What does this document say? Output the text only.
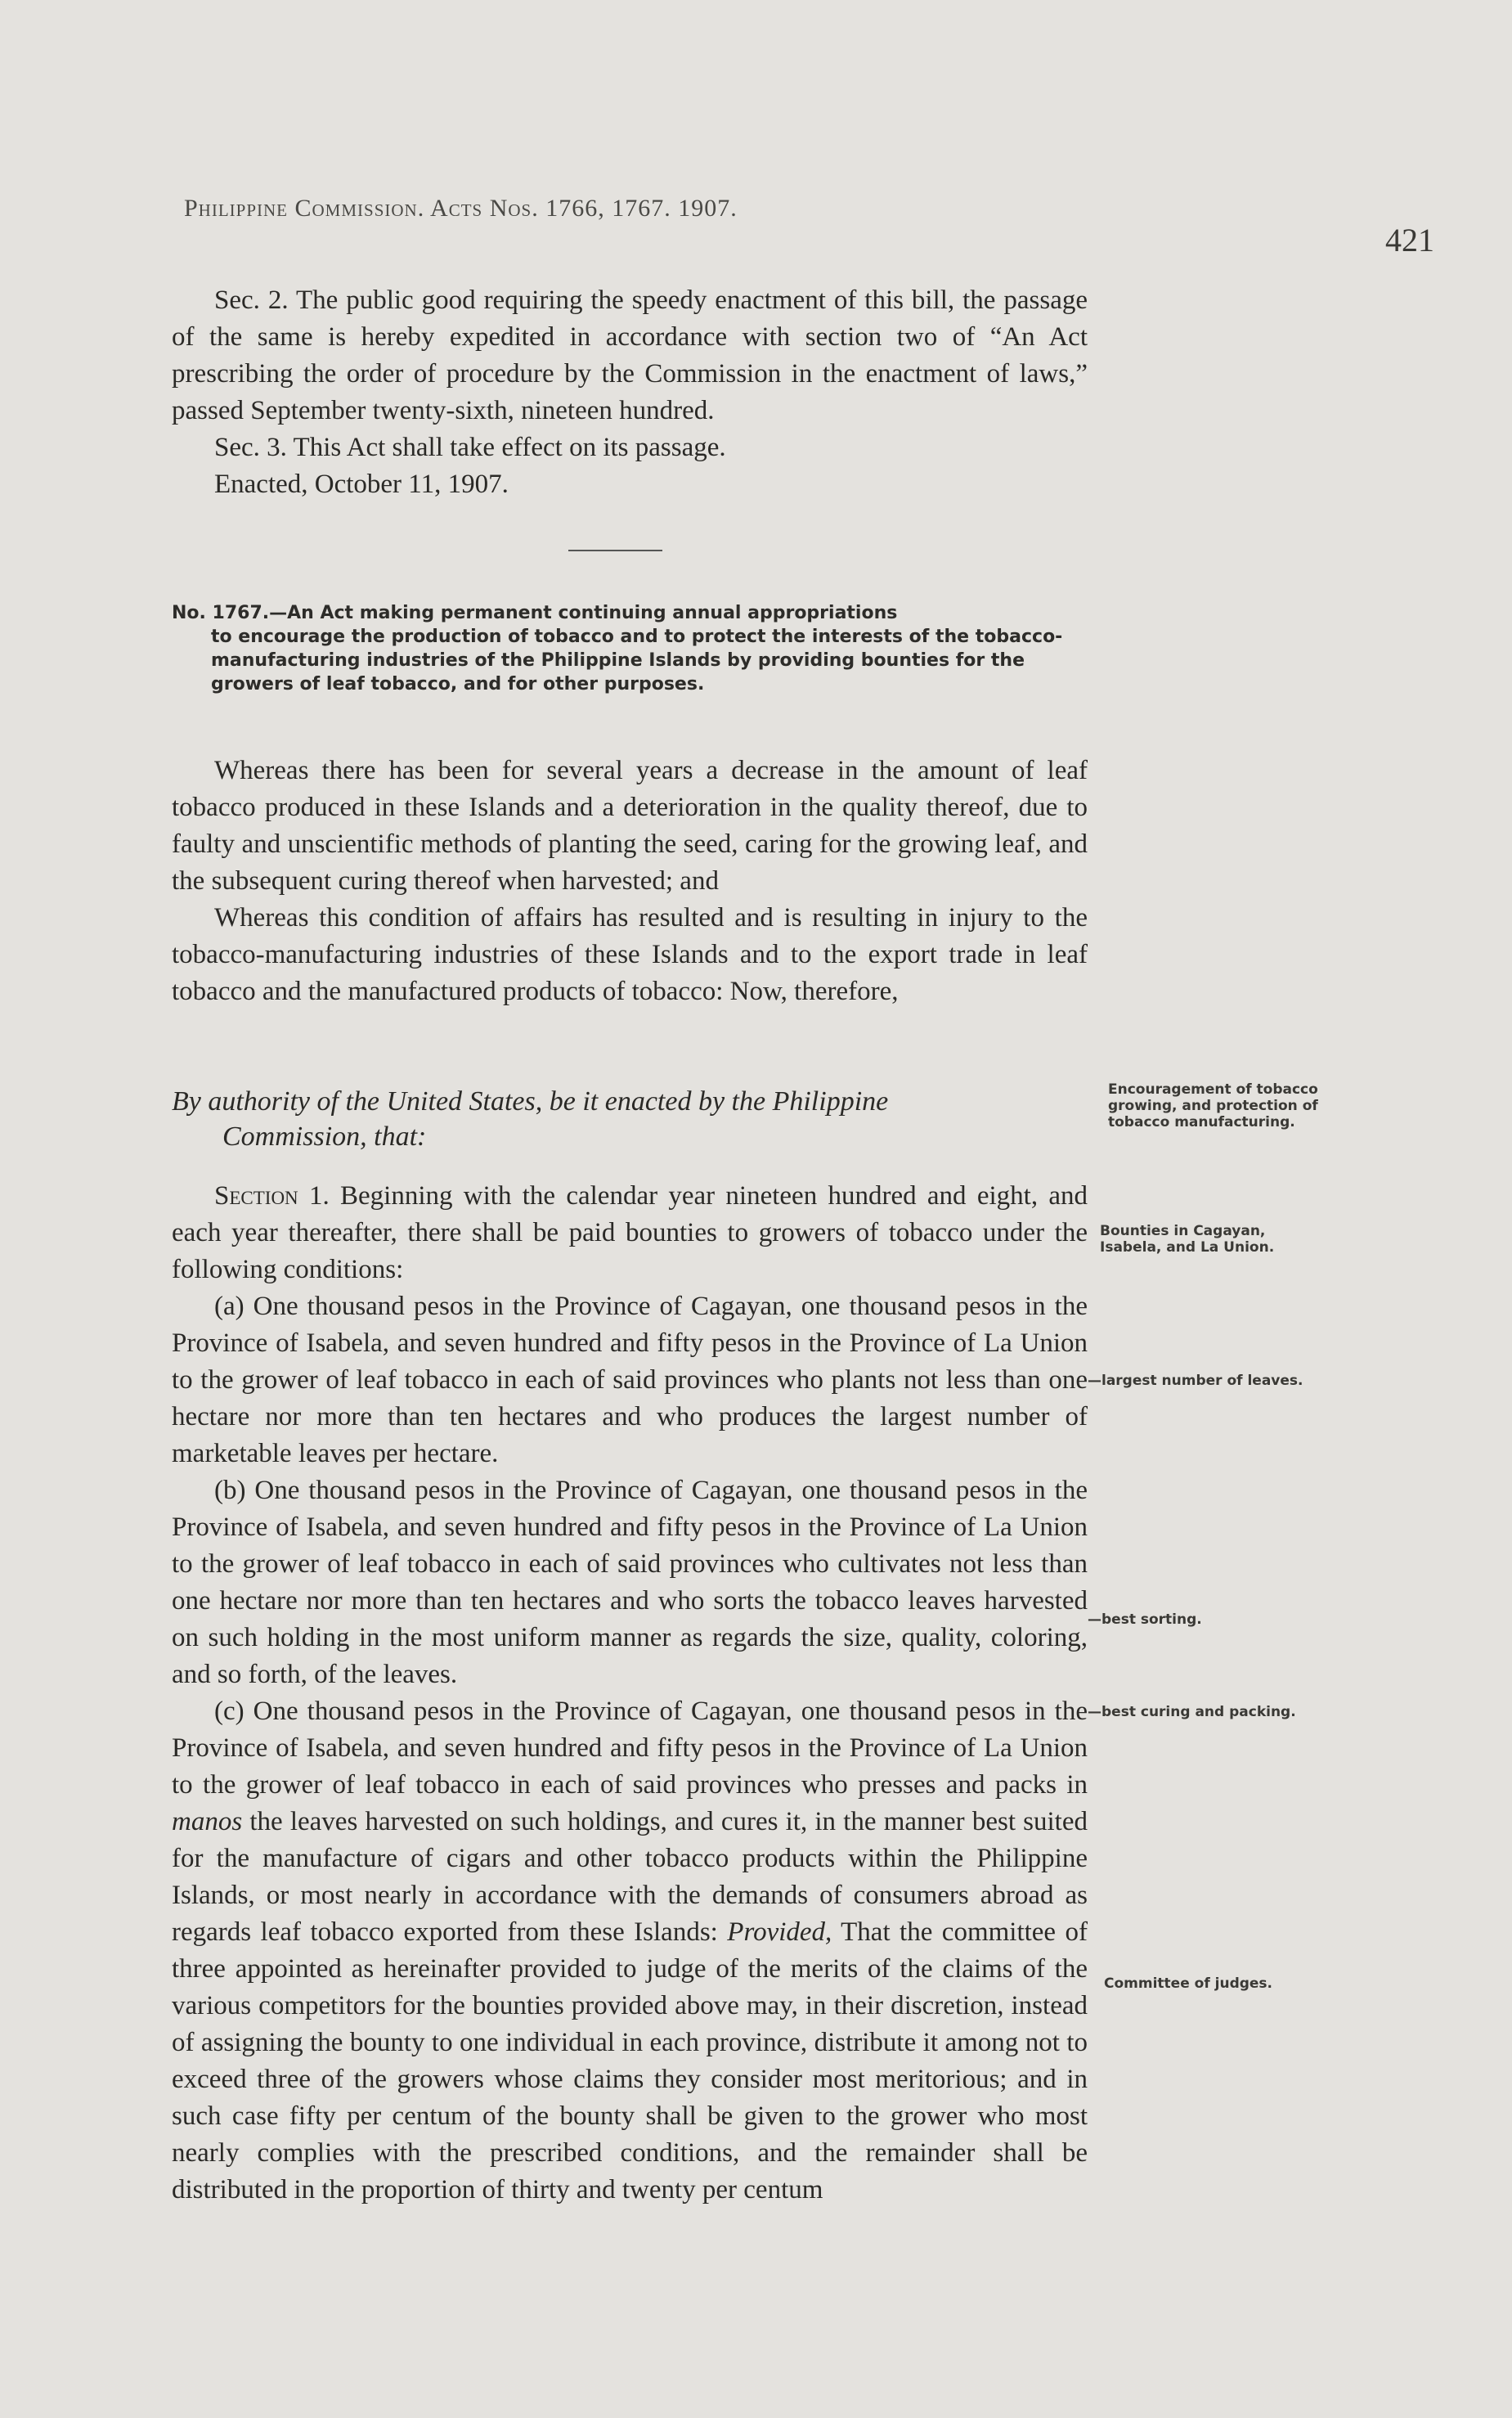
Philippine Commission. Acts Nos. 1766, 1767. 1907.
421

Sec. 2. The public good requiring the speedy enactment of this bill, the passage of the same is hereby expedited in accordance with section two of “An Act prescribing the order of procedure by the Commission in the enactment of laws,” passed September twenty-sixth, nineteen hundred.

Sec. 3. This Act shall take effect on its passage.

Enacted, October 11, 1907.

No. 1767.—An Act making permanent continuing annual appropriations
to encourage the production of tobacco and to protect the interests of the tobacco-manufacturing industries of the Philippine Islands by providing bounties for the growers of leaf tobacco, and for other purposes.

Whereas there has been for several years a decrease in the amount of leaf tobacco produced in these Islands and a deterioration in the quality thereof, due to faulty and unscientific methods of planting the seed, caring for the growing leaf, and the subsequent curing thereof when harvested; and

Whereas this condition of affairs has resulted and is resulting in injury to the tobacco-manufacturing industries of these Islands and to the export trade in leaf tobacco and the manufactured products of tobacco: Now, therefore,

By authority of the United States, be it enacted by the Philippine
Commission, that:

Section 1. Beginning with the calendar year nineteen hundred and eight, and each year thereafter, there shall be paid bounties to growers of tobacco under the following conditions:

(a) One thousand pesos in the Province of Cagayan, one thousand pesos in the Province of Isabela, and seven hundred and fifty pesos in the Province of La Union to the grower of leaf tobacco in each of said provinces who plants not less than one hectare nor more than ten hectares and who produces the largest number of marketable leaves per hectare.

(b) One thousand pesos in the Province of Cagayan, one thousand pesos in the Province of Isabela, and seven hundred and fifty pesos in the Province of La Union to the grower of leaf tobacco in each of said provinces who cultivates not less than one hectare nor more than ten hectares and who sorts the tobacco leaves harvested on such holding in the most uniform manner as regards the size, quality, coloring, and so forth, of the leaves.

(c) One thousand pesos in the Province of Cagayan, one thousand pesos in the Province of Isabela, and seven hundred and fifty pesos in the Province of La Union to the grower of leaf tobacco in each of said provinces who presses and packs in manos the leaves harvested on such holdings, and cures it, in the manner best suited for the manufacture of cigars and other tobacco products within the Philippine Islands, or most nearly in accordance with the demands of consumers abroad as regards leaf tobacco exported from these Islands: Provided, That the committee of three appointed as hereinafter provided to judge of the merits of the claims of the various competitors for the bounties provided above may, in their discretion, instead of assigning the bounty to one individual in each province, distribute it among not to exceed three of the growers whose claims they consider most meritorious; and in such case fifty per centum of the bounty shall be given to the grower who most nearly complies with the prescribed conditions, and the remainder shall be distributed in the proportion of thirty and twenty per centum

Encouragement of tobacco growing, and protection of tobacco manufacturing.
Bounties in Cagayan, Isabela, and La Union.
—largest number of leaves.
—best sorting.
—best curing and packing.
Committee of judges.
